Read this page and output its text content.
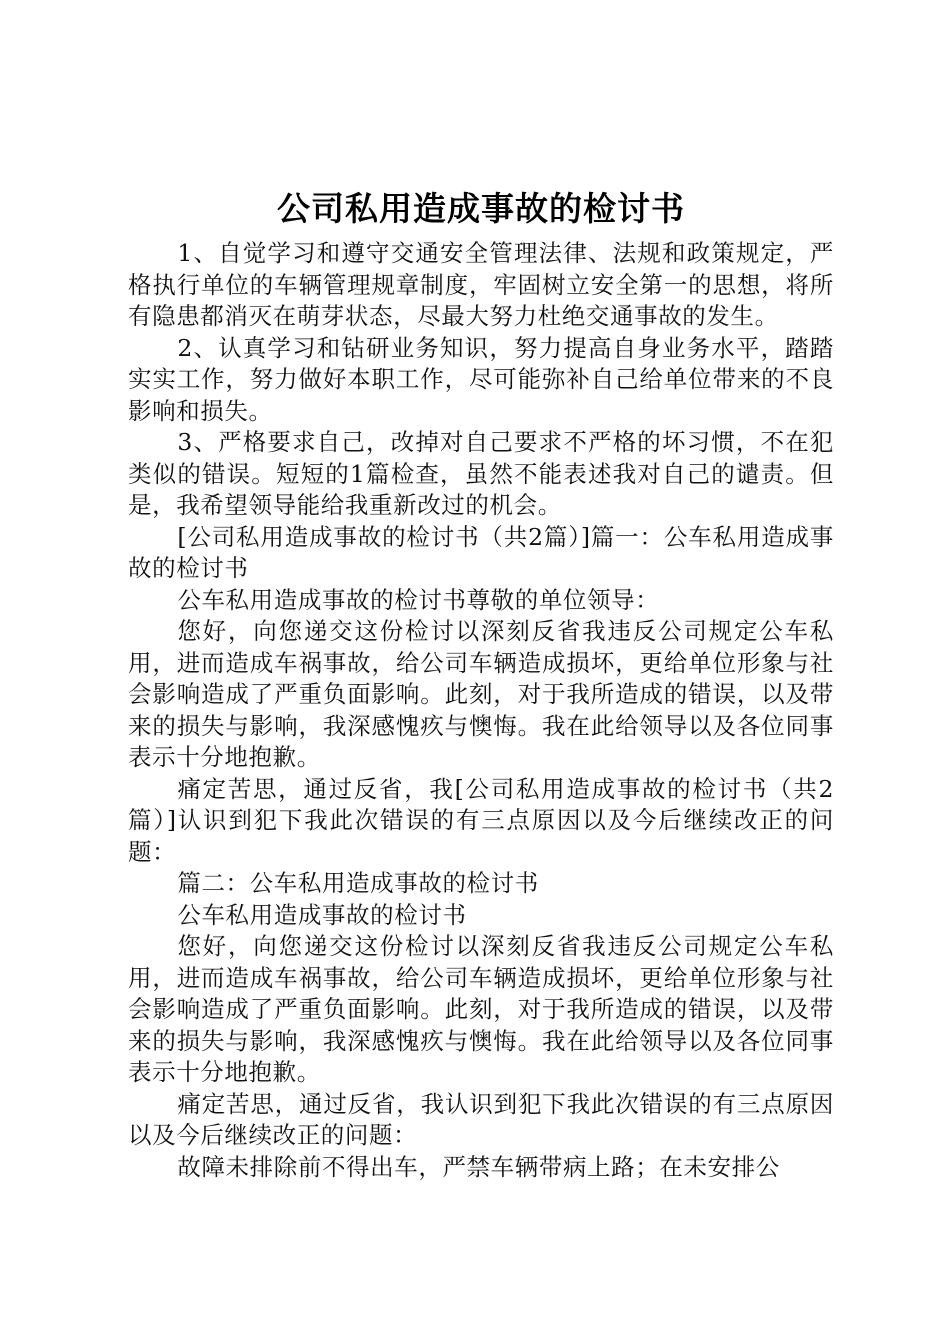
公司私用造成事故的检讨书

1、自觉学习和遵守交通安全管理法律、法规和政策规定，严格执行单位的车辆管理规章制度，牢固树立安全第一的思想，将所有隐患都消灭在萌芽状态，尽最大努力杜绝交通事故的发生。

2、认真学习和钻研业务知识，努力提高自身业务水平，踏踏实实工作，努力做好本职工作，尽可能弥补自己给单位带来的不良影响和损失。

3、严格要求自己，改掉对自己要求不严格的坏习惯，不在犯类似的错误。短短的1篇检查，虽然不能表述我对自己的谴责。但是，我希望领导能给我重新改过的机会。

[公司私用造成事故的检讨书（共2篇）]篇一：公车私用造成事故的检讨书

公车私用造成事故的检讨书尊敬的单位领导：

您好，向您递交这份检讨以深刻反省我违反公司规定公车私用，进而造成车祸事故，给公司车辆造成损坏，更给单位形象与社会影响造成了严重负面影响。此刻，对于我所造成的错误，以及带来的损失与影响，我深感愧疚与懊悔。我在此给领导以及各位同事表示十分地抱歉。

痛定苦思，通过反省，我[公司私用造成事故的检讨书（共2篇）]认识到犯下我此次错误的有三点原因以及今后继续改正的问题：

篇二：公车私用造成事故的检讨书

公车私用造成事故的检讨书

您好，向您递交这份检讨以深刻反省我违反公司规定公车私用，进而造成车祸事故，给公司车辆造成损坏，更给单位形象与社会影响造成了严重负面影响。此刻，对于我所造成的错误，以及带来的损失与影响，我深感愧疚与懊悔。我在此给领导以及各位同事表示十分地抱歉。

痛定苦思，通过反省，我认识到犯下我此次错误的有三点原因以及今后继续改正的问题：

故障未排除前不得出车，严禁车辆带病上路；在未安排公
